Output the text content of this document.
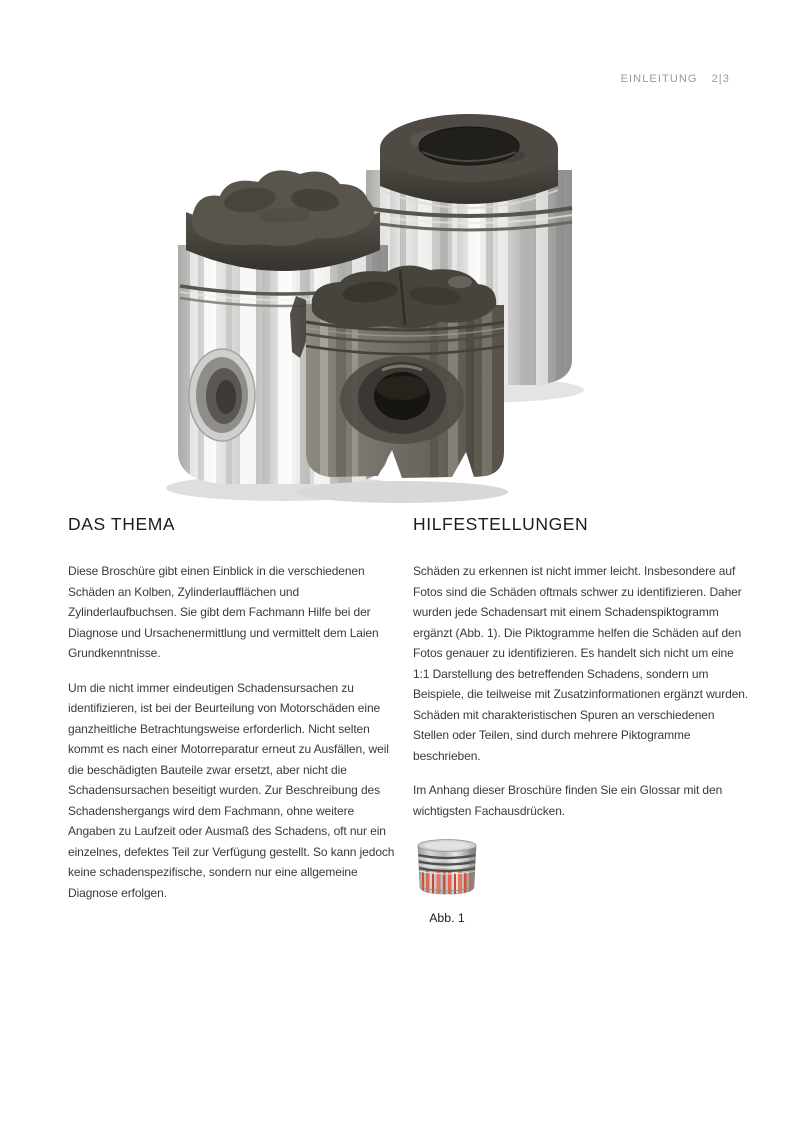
EINLEITUNG 2|3
DAS THEMA

Diese Broschüre gibt einen Einblick in die verschiedenen Schäden an Kolben, Zylinderlaufflächen und Zylinderlaufbuchsen. Sie gibt dem Fachmann Hilfe bei der Diagnose und Ursachenermittlung und vermittelt dem Laien Grundkenntnisse.

Um die nicht immer eindeutigen Schadensursachen zu identifizieren, ist bei der Beurteilung von Motorschäden eine ganzheitliche Betrachtungsweise erforderlich. Nicht selten kommt es nach einer Motorreparatur erneut zu Ausfällen, weil die beschädigten Bauteile zwar ersetzt, aber nicht die Schadensursachen beseitigt wurden. Zur Beschreibung des Schadenshergangs wird dem Fachmann, ohne weitere Angaben zu Laufzeit oder Ausmaß des Schadens, oft nur ein einzelnes, defektes Teil zur Verfügung gestellt. So kann jedoch keine schadenspezifische, sondern nur eine allgemeine Diagnose erfolgen.

HILFESTELLUNGEN

Schäden zu erkennen ist nicht immer leicht. Insbesondere auf Fotos sind die Schäden oftmals schwer zu identifizieren. Daher wurden jede Schadensart mit einem Schadenspiktogramm ergänzt (Abb. 1). Die Piktogramme helfen die Schäden auf den Fotos genauer zu identifizieren. Es handelt sich nicht um eine 1:1 Darstellung des betreffenden Schadens, sondern um Beispiele, die teilweise mit Zusatzinformationen ergänzt wurden. Schäden mit charakteristischen Spuren an verschiedenen Stellen oder Teilen, sind durch mehrere Piktogramme beschrieben.

Im Anhang dieser Broschüre finden Sie ein Glossar mit den wichtigsten Fachausdrücken.

Abb. 1
